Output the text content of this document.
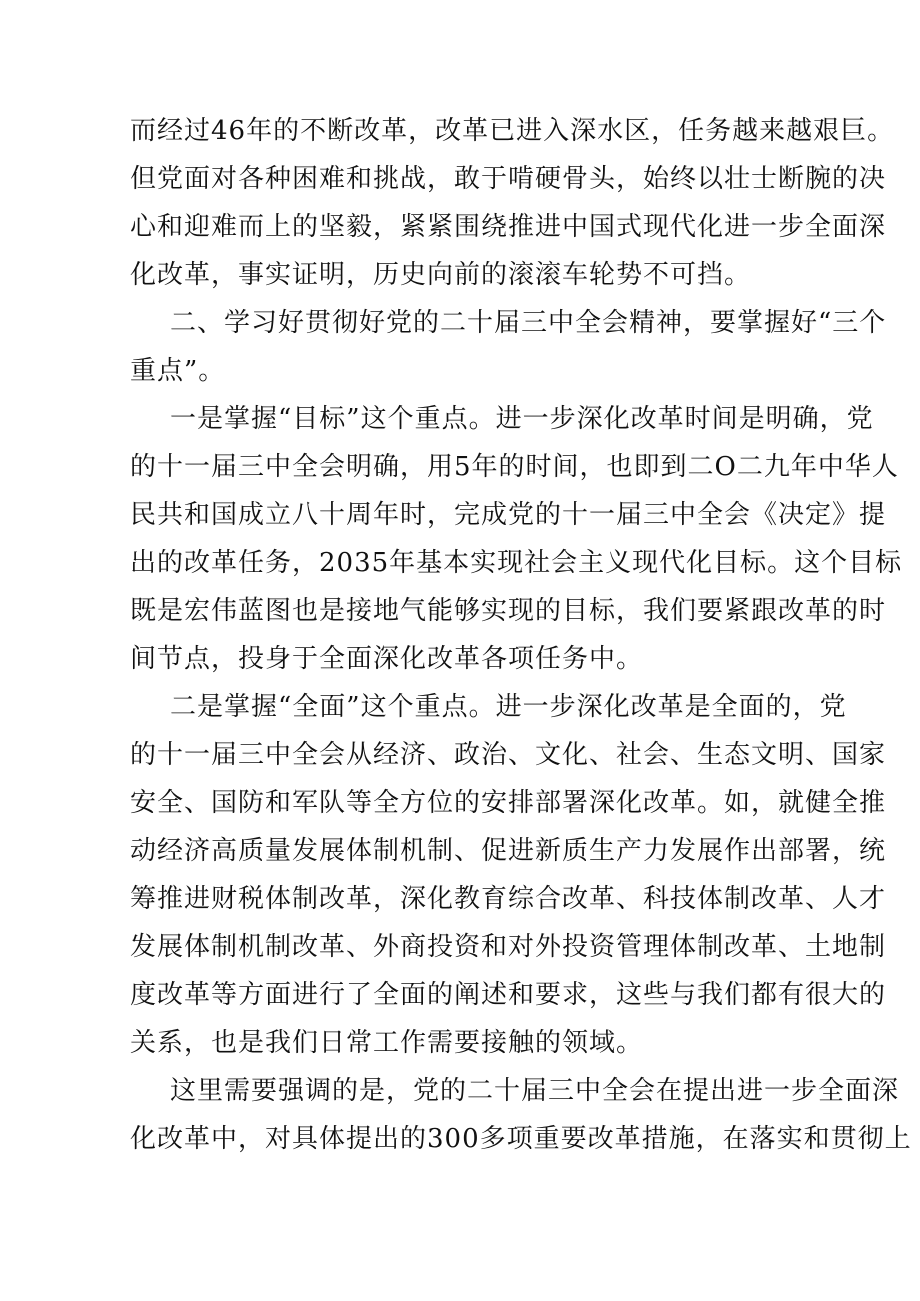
而经过46年的不断改革，改革已进入深水区，任务越来越艰巨。
但党面对各种困难和挑战，敢于啃硬骨头，始终以壮士断腕的决
心和迎难而上的坚毅，紧紧围绕推进中国式现代化进一步全面深
化改革，事实证明，历史向前的滚滚车轮势不可挡。
二、学习好贯彻好党的二十届三中全会精神，要掌握好“三个
重点”。
一是掌握“目标”这个重点。进一步深化改革时间是明确，党
的十一届三中全会明确，用5年的时间，也即到二O二九年中华人
民共和国成立八十周年时，完成党的十一届三中全会《决定》提
出的改革任务，2035年基本实现社会主义现代化目标。这个目标
既是宏伟蓝图也是接地气能够实现的目标，我们要紧跟改革的时
间节点，投身于全面深化改革各项任务中。
二是掌握“全面”这个重点。进一步深化改革是全面的，党
的十一届三中全会从经济、政治、文化、社会、生态文明、国家
安全、国防和军队等全方位的安排部署深化改革。如，就健全推
动经济高质量发展体制机制、促进新质生产力发展作出部署，统
筹推进财税体制改革，深化教育综合改革、科技体制改革、人才
发展体制机制改革、外商投资和对外投资管理体制改革、土地制
度改革等方面进行了全面的阐述和要求，这些与我们都有很大的
关系，也是我们日常工作需要接触的领域。
这里需要强调的是，党的二十届三中全会在提出进一步全面深
化改革中，对具体提出的300多项重要改革措施，在落实和贯彻上
